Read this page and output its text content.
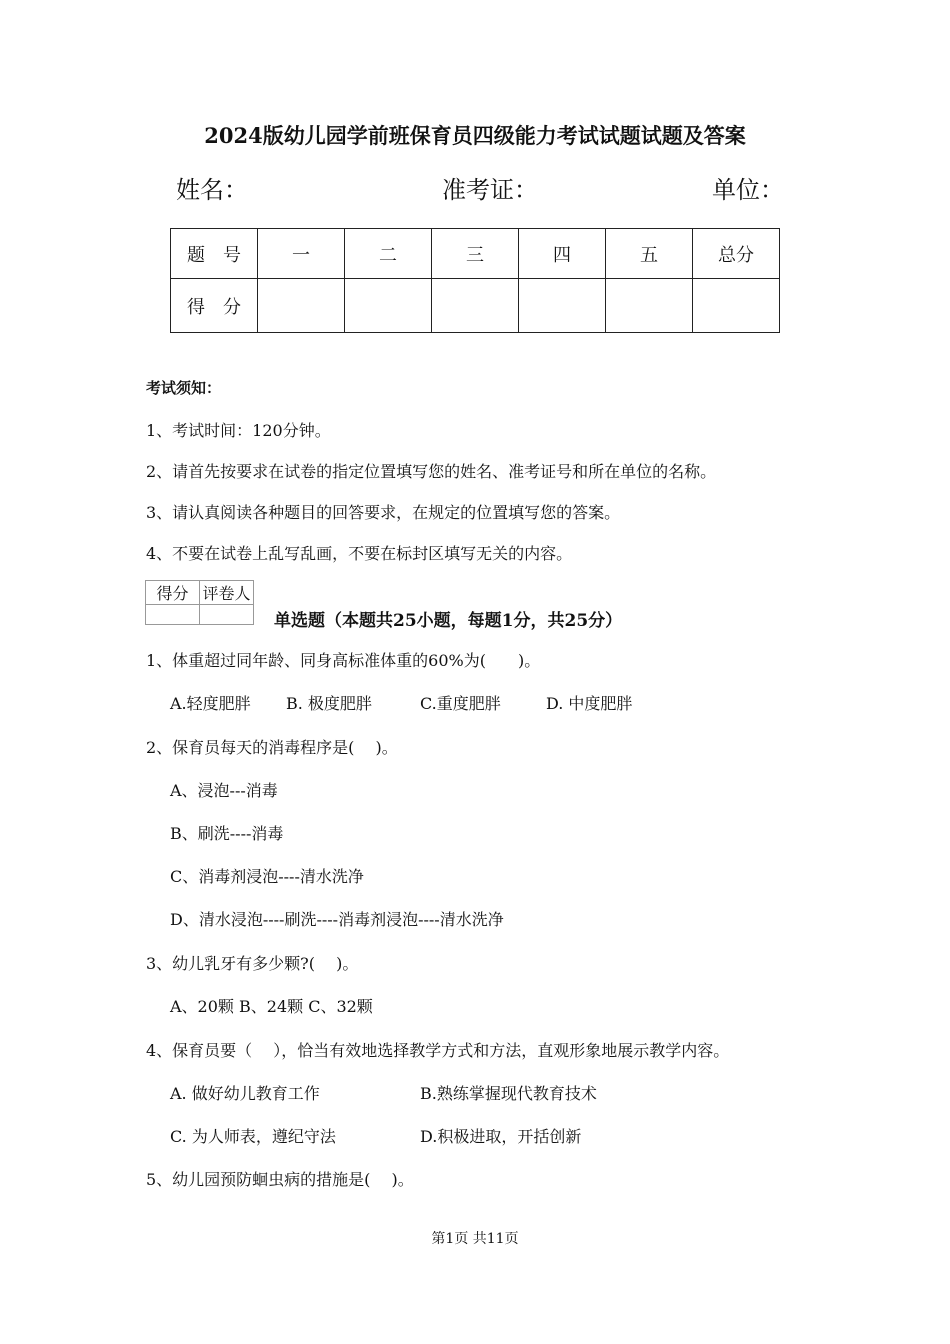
2024版幼儿园学前班保育员四级能力考试试题试题及答案
姓名：	准考证：	单位：
题　号	一	二	三	四	五	总分
得　分						
考试须知：
1、考试时间：120分钟。
2、请首先按要求在试卷的指定位置填写您的姓名、准考证号和所在单位的名称。
3、请认真阅读各种题目的回答要求，在规定的位置填写您的答案。
4、不要在试卷上乱写乱画，不要在标封区填写无关的内容。
得分	评卷人

单选题（本题共25小题，每题1分，共25分）
1、体重超过同年龄、同身高标准体重的60%为(　　)。
A.轻度肥胖 B. 极度肥胖	C.重度肥胖	D. 中度肥胖
2、保育员每天的消毒程序是(　 )。
A、浸泡---消毒
B、刷洗----消毒
C、消毒剂浸泡----清水洗净
D、清水浸泡----刷洗----消毒剂浸泡----清水洗净
3、幼儿乳牙有多少颗?(　 )。
A、20颗 B、24颗 C、32颗
4、保育员要（　 ），恰当有效地选择教学方式和方法，直观形象地展示教学内容。
A. 做好幼儿教育工作	B.熟练掌握现代教育技术
C. 为人师表，遵纪守法	D.积极进取，开括创新
5、幼儿园预防蛔虫病的措施是(　 )。
第1页 共11页
